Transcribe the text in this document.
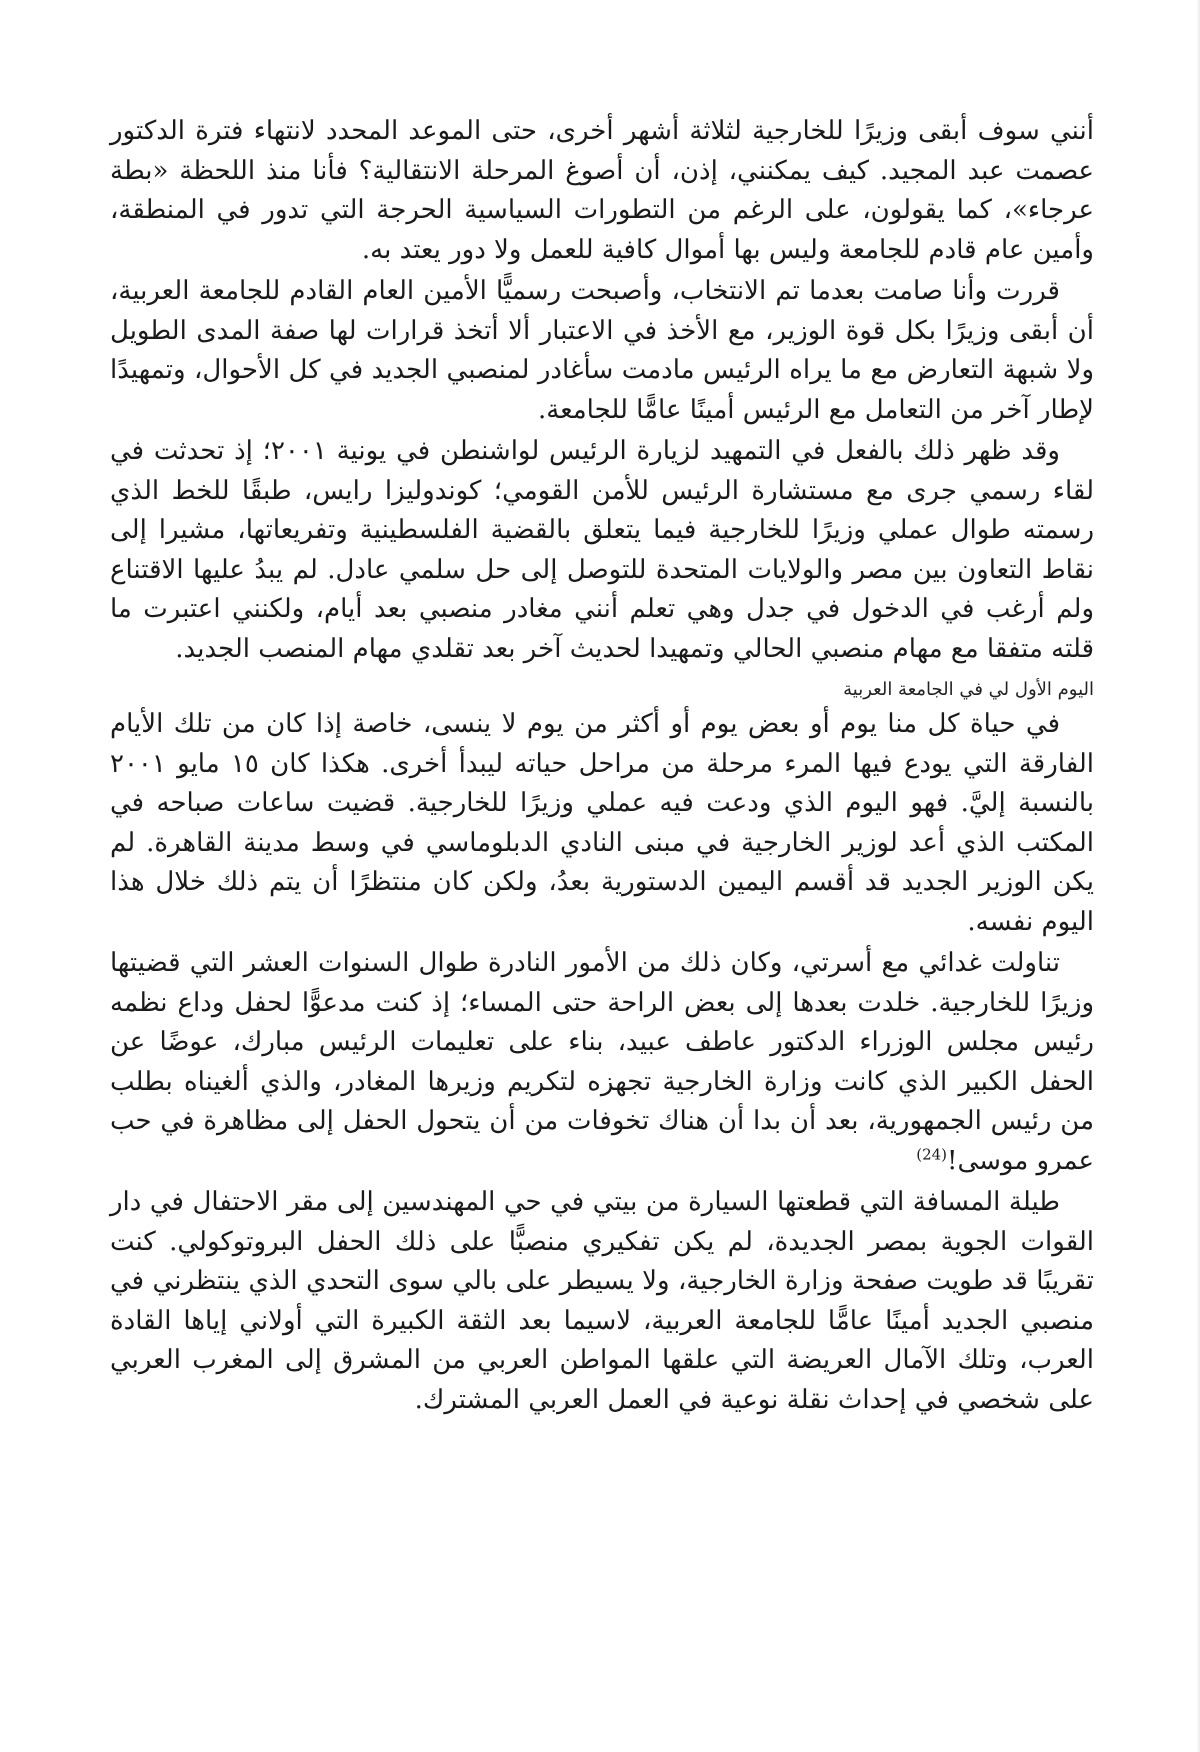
أنني سوف أبقى وزيرًا للخارجية لثلاثة أشهر أخرى، حتى الموعد المحدد لانتهاء فترة الدكتور عصمت عبد المجيد. كيف يمكنني، إذن، أن أصوغ المرحلة الانتقالية؟ فأنا منذ اللحظة «بطة عرجاء»، كما يقولون، على الرغم من التطورات السياسية الحرجة التي تدور في المنطقة، وأمين عام قادم للجامعة وليس بها أموال كافية للعمل ولا دور يعتد به.

قررت وأنا صامت بعدما تم الانتخاب، وأصبحت رسميًّا الأمين العام القادم للجامعة العربية، أن أبقى وزيرًا بكل قوة الوزير، مع الأخذ في الاعتبار ألا أتخذ قرارات لها صفة المدى الطويل ولا شبهة التعارض مع ما يراه الرئيس مادمت سأغادر لمنصبي الجديد في كل الأحوال، وتمهيدًا لإطار آخر من التعامل مع الرئيس أمينًا عامًّا للجامعة.

وقد ظهر ذلك بالفعل في التمهيد لزيارة الرئيس لواشنطن في يونية ٢٠٠١؛ إذ تحدثت في لقاء رسمي جرى مع مستشارة الرئيس للأمن القومي؛ كوندوليزا رايس، طبقًا للخط الذي رسمته طوال عملي وزيرًا للخارجية فيما يتعلق بالقضية الفلسطينية وتفريعاتها، مشيرا إلى نقاط التعاون بين مصر والولايات المتحدة للتوصل إلى حل سلمي عادل. لم يبدُ عليها الاقتناع ولم أرغب في الدخول في جدل وهي تعلم أنني مغادر منصبي بعد أيام، ولكنني اعتبرت ما قلته متفقا مع مهام منصبي الحالي وتمهيدا لحديث آخر بعد تقلدي مهام المنصب الجديد.

اليوم الأول لي في الجامعة العربية

في حياة كل منا يوم أو بعض يوم أو أكثر من يوم لا ينسى، خاصة إذا كان من تلك الأيام الفارقة التي يودع فيها المرء مرحلة من مراحل حياته ليبدأ أخرى. هكذا كان ١٥ مايو ٢٠٠١ بالنسبة إليَّ. فهو اليوم الذي ودعت فيه عملي وزيرًا للخارجية. قضيت ساعات صباحه في المكتب الذي أعد لوزير الخارجية في مبنى النادي الدبلوماسي في وسط مدينة القاهرة. لم يكن الوزير الجديد قد أقسم اليمين الدستورية بعدُ، ولكن كان منتظرًا أن يتم ذلك خلال هذا اليوم نفسه.

تناولت غدائي مع أسرتي، وكان ذلك من الأمور النادرة طوال السنوات العشر التي قضيتها وزيرًا للخارجية. خلدت بعدها إلى بعض الراحة حتى المساء؛ إذ كنت مدعوًّا لحفل وداع نظمه رئيس مجلس الوزراء الدكتور عاطف عبيد، بناء على تعليمات الرئيس مبارك، عوضًا عن الحفل الكبير الذي كانت وزارة الخارجية تجهزه لتكريم وزيرها المغادر، والذي ألغيناه بطلب من رئيس الجمهورية، بعد أن بدا أن هناك تخوفات من أن يتحول الحفل إلى مظاهرة في حب عمرو موسى!$^{(24)}$

طيلة المسافة التي قطعتها السيارة من بيتي في حي المهندسين إلى مقر الاحتفال في دار القوات الجوية بمصر الجديدة، لم يكن تفكيري منصبًّا على ذلك الحفل البروتوكولي. كنت تقريبًا قد طويت صفحة وزارة الخارجية، ولا يسيطر على بالي سوى التحدي الذي ينتظرني في منصبي الجديد أمينًا عامًّا للجامعة العربية، لاسيما بعد الثقة الكبيرة التي أولاني إياها القادة العرب، وتلك الآمال العريضة التي علقها المواطن العربي من المشرق إلى المغرب العربي على شخصي في إحداث نقلة نوعية في العمل العربي المشترك.
